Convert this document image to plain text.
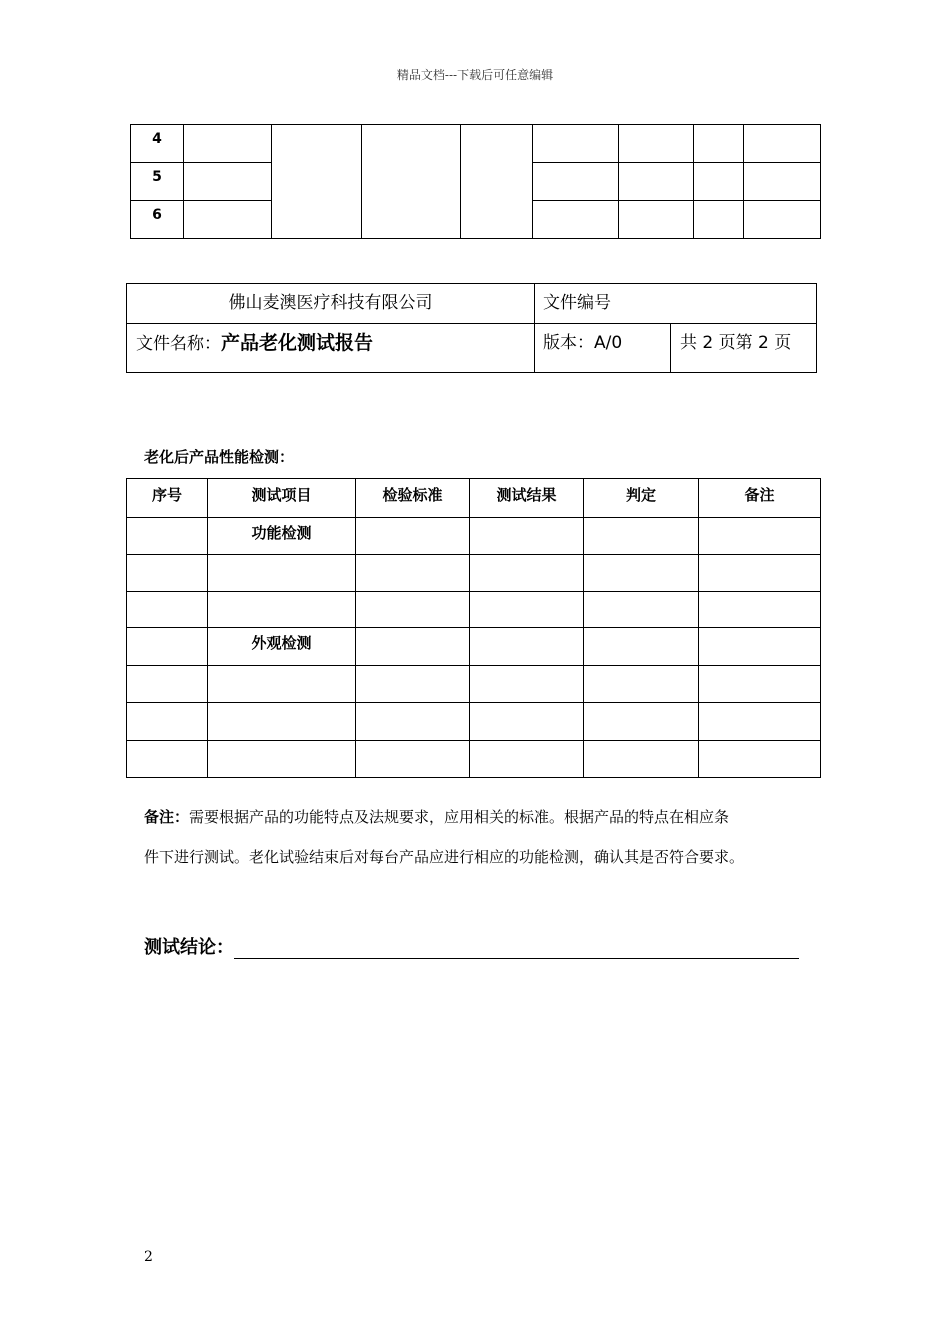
精品文档---下载后可任意编辑
4								
5								
6								
佛山麦澳医疗科技有限公司	文件编号	
文件名称：产品老化测试报告	版本：A/0	共 2 页第 2 页
老化后产品性能检测：
序号	测试项目	检验标准	测试结果	判定	备注
	功能检测				

	外观检测				

备注：需要根据产品的功能特点及法规要求，应用相关的标准。根据产品的特点在相应条
件下进行测试。老化试验结束后对每台产品应进行相应的功能检测，确认其是否符合要求。
测试结论：
2
